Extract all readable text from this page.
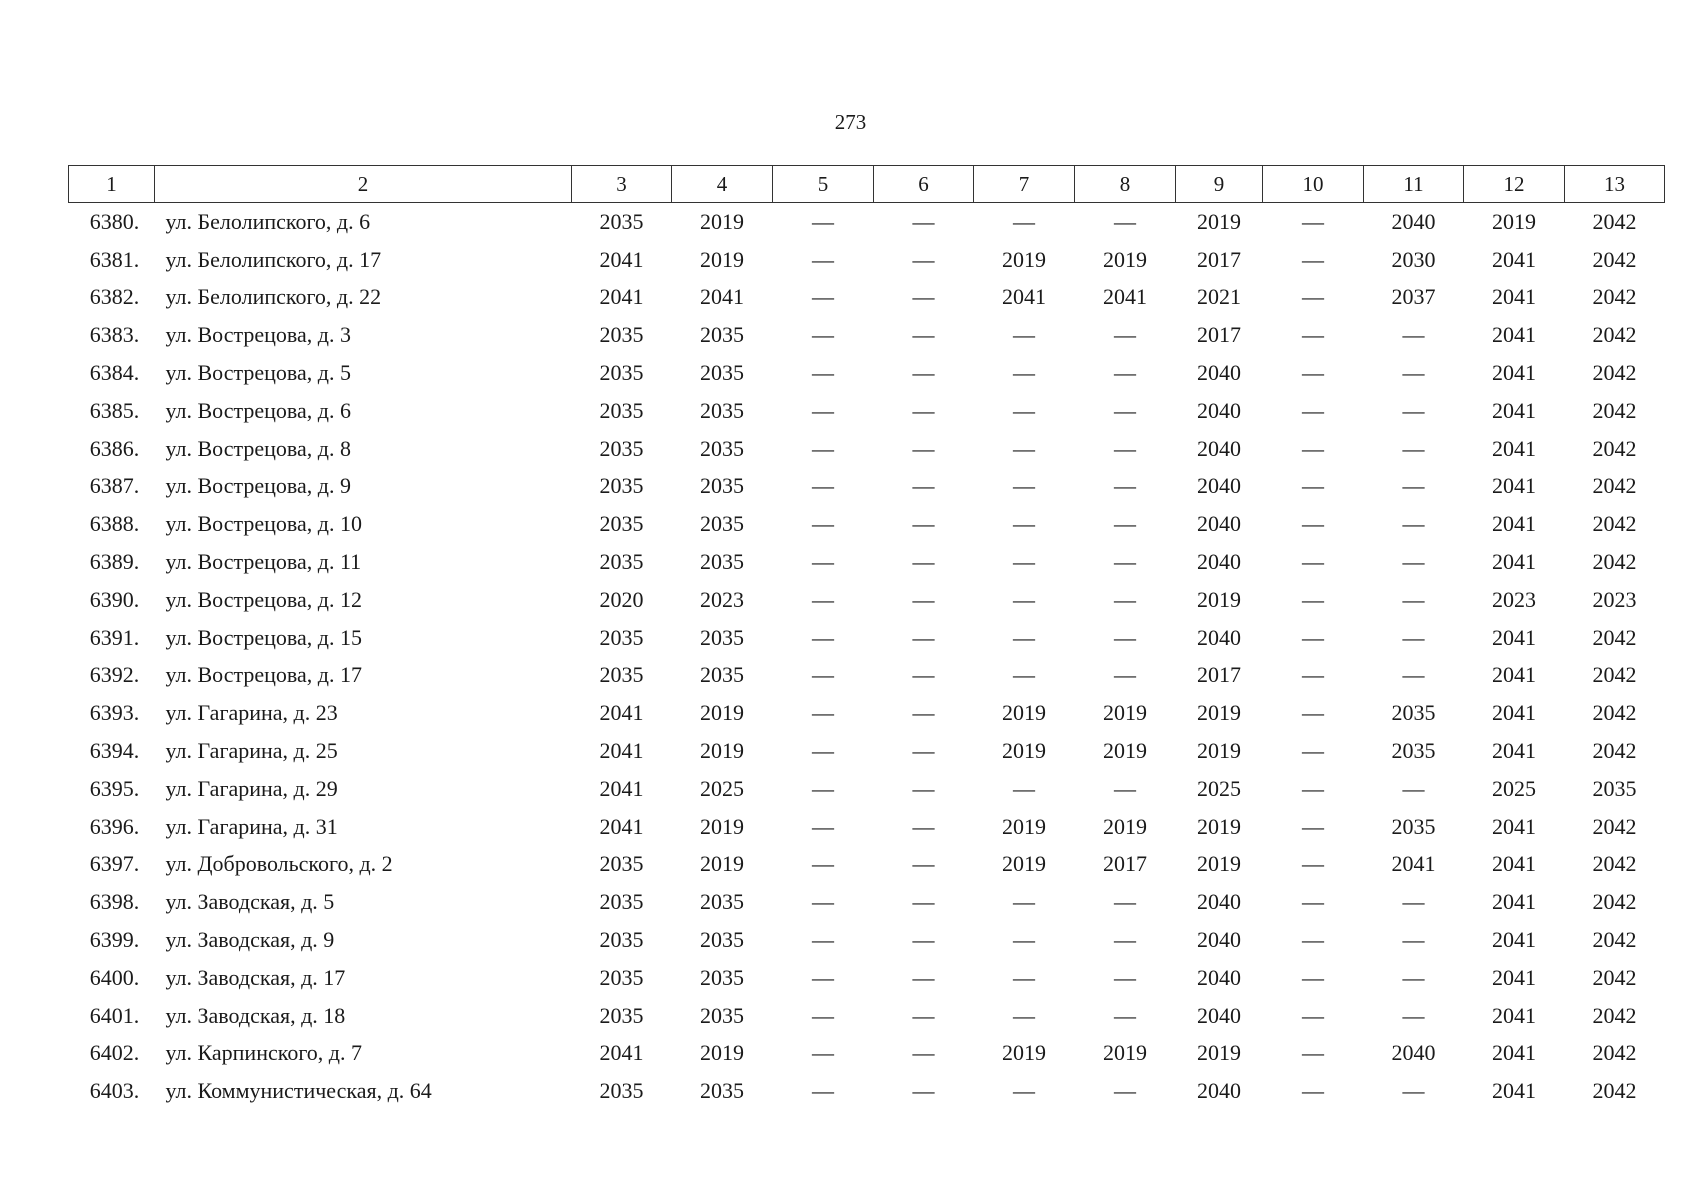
273
1	2	3	4	5	6	7	8	9	10	11	12	13
6380.	ул. Белолипского, д. 6	2035	2019	—	—	—	—	2019	—	2040	2019	2042
6381.	ул. Белолипского, д. 17	2041	2019	—	—	2019	2019	2017	—	2030	2041	2042
6382.	ул. Белолипского, д. 22	2041	2041	—	—	2041	2041	2021	—	2037	2041	2042
6383.	ул. Вострецова, д. 3	2035	2035	—	—	—	—	2017	—	—	2041	2042
6384.	ул. Вострецова, д. 5	2035	2035	—	—	—	—	2040	—	—	2041	2042
6385.	ул. Вострецова, д. 6	2035	2035	—	—	—	—	2040	—	—	2041	2042
6386.	ул. Вострецова, д. 8	2035	2035	—	—	—	—	2040	—	—	2041	2042
6387.	ул. Вострецова, д. 9	2035	2035	—	—	—	—	2040	—	—	2041	2042
6388.	ул. Вострецова, д. 10	2035	2035	—	—	—	—	2040	—	—	2041	2042
6389.	ул. Вострецова, д. 11	2035	2035	—	—	—	—	2040	—	—	2041	2042
6390.	ул. Вострецова, д. 12	2020	2023	—	—	—	—	2019	—	—	2023	2023
6391.	ул. Вострецова, д. 15	2035	2035	—	—	—	—	2040	—	—	2041	2042
6392.	ул. Вострецова, д. 17	2035	2035	—	—	—	—	2017	—	—	2041	2042
6393.	ул. Гагарина, д. 23	2041	2019	—	—	2019	2019	2019	—	2035	2041	2042
6394.	ул. Гагарина, д. 25	2041	2019	—	—	2019	2019	2019	—	2035	2041	2042
6395.	ул. Гагарина, д. 29	2041	2025	—	—	—	—	2025	—	—	2025	2035
6396.	ул. Гагарина, д. 31	2041	2019	—	—	2019	2019	2019	—	2035	2041	2042
6397.	ул. Добровольского, д. 2	2035	2019	—	—	2019	2017	2019	—	2041	2041	2042
6398.	ул. Заводская, д. 5	2035	2035	—	—	—	—	2040	—	—	2041	2042
6399.	ул. Заводская, д. 9	2035	2035	—	—	—	—	2040	—	—	2041	2042
6400.	ул. Заводская, д. 17	2035	2035	—	—	—	—	2040	—	—	2041	2042
6401.	ул. Заводская, д. 18	2035	2035	—	—	—	—	2040	—	—	2041	2042
6402.	ул. Карпинского, д. 7	2041	2019	—	—	2019	2019	2019	—	2040	2041	2042
6403.	ул. Коммунистическая, д. 64	2035	2035	—	—	—	—	2040	—	—	2041	2042
